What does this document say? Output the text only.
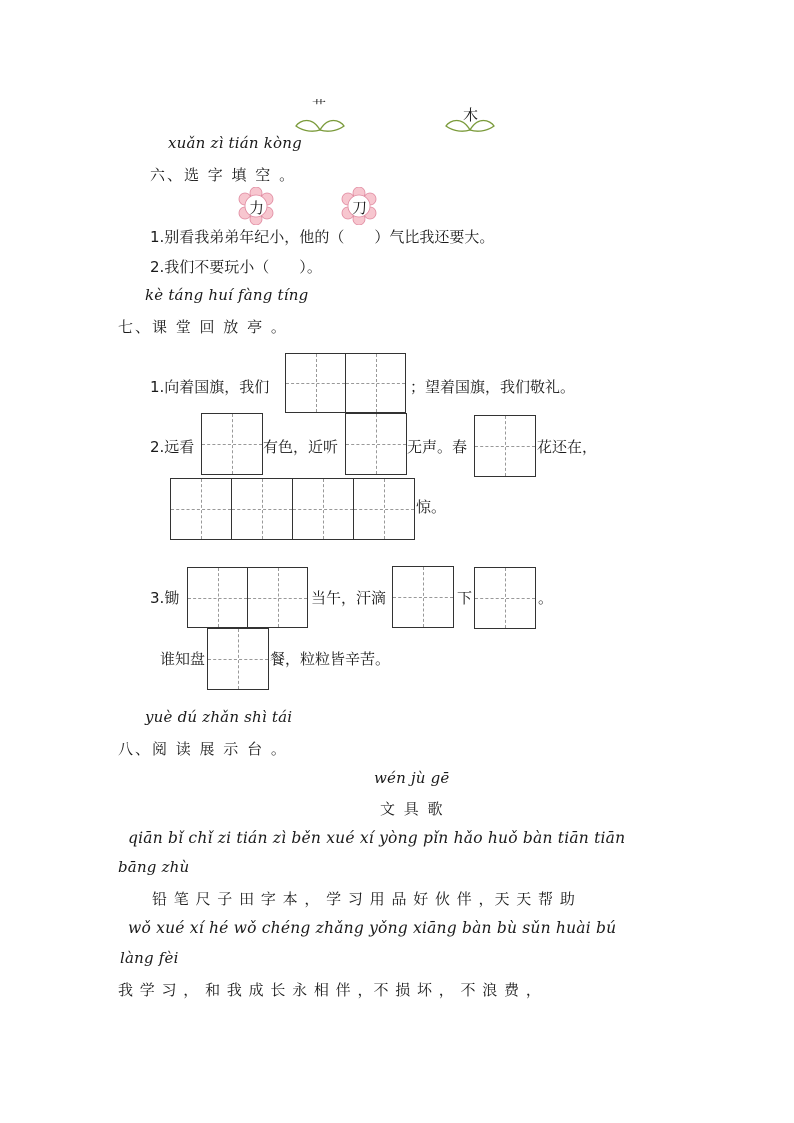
艹	木
xuǎn zì tián kòng
六、选 字 填 空 。
力	刀
1.别看我弟弟年纪小，他的（　　）气比我还要大。
2.我们不要玩小（　　）。
kè táng huí fàng tíng
七、课 堂 回 放 亭 。
1.向着国旗，我们	；望着国旗，我们敬礼。
2.远看	有色，近听	无声。春	花还在，
惊。
3.锄	当午，汗滴	下	。
谁知盘	餐，粒粒皆辛苦。
yuè dú zhǎn shì tái
八、阅 读 展 示 台 。
wén jù gē
文 具 歌
qiān bǐ chǐ zi tián zì běn xué xí yòng pǐn hǎo huǒ bàn tiān tiān
bāng zhù
铅 笔 尺 子 田 字 本 ， 学 习 用 品 好 伙 伴 ，天 天 帮 助
wǒ xué xí hé wǒ chéng zhǎng yǒng xiāng bàn bù sǔn huài bú
làng fèi
我 学 习 ， 和 我 成 长 永 相 伴 ，不 损 坏 ， 不 浪 费 ，
